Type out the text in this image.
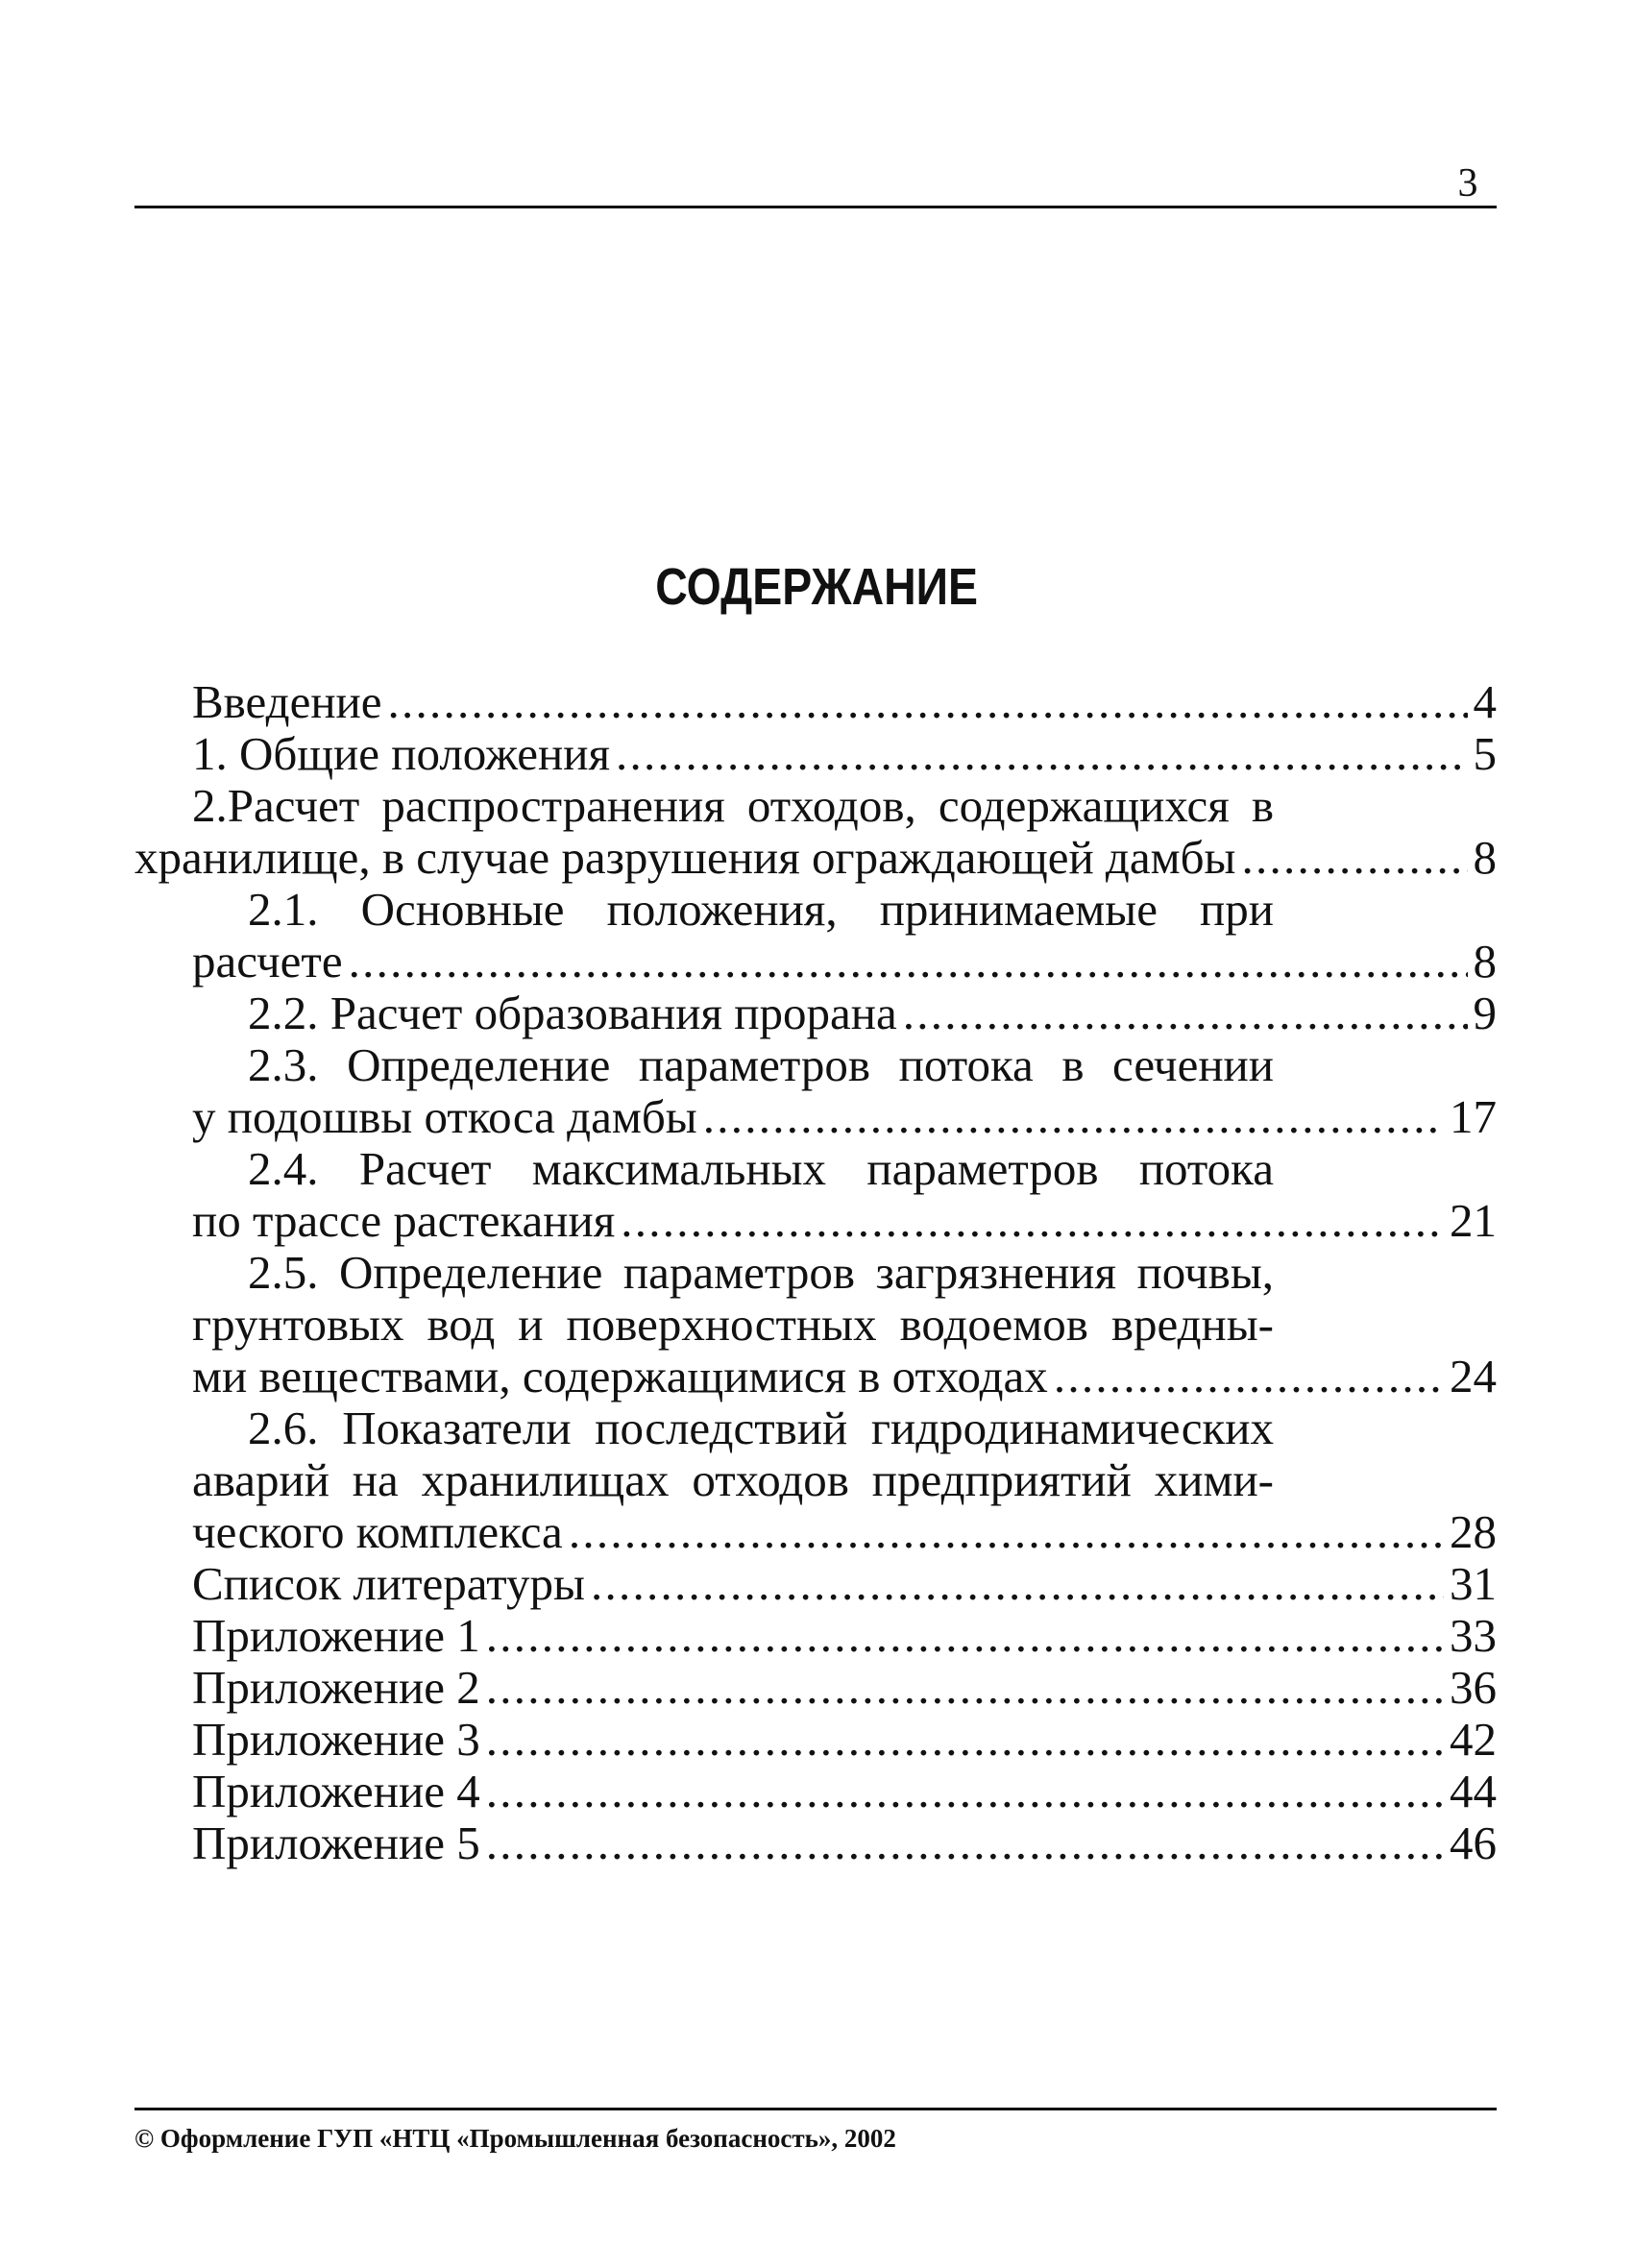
3
СОДЕРЖАНИЕ
Введение . . .	4
1. Общие положения . . .	5
2.Расчет распространения отходов, содержащихся в
хранилище, в случае разрушения ограждающей дамбы . . .	8
2.1. Основные положения, принимаемые при
расчете . . .	8
2.2. Расчет образования прорана . . .	9
2.3. Определение параметров потока в сечении
у подошвы откоса дамбы . . .	17
2.4. Расчет максимальных параметров потока
по трассе растекания . . .	21
2.5. Определение параметров загрязнения почвы,
грунтовых вод и поверхностных водоемов вредны-
ми веществами, содержащимися в отходах . . .	24
2.6. Показатели последствий гидродинамических
аварий на хранилищах отходов предприятий хими-
ческого комплекса . . .	28
Список литературы . . .	31
Приложение 1 . . .	33
Приложение 2 . . .	36
Приложение 3 . . .	42
Приложение 4 . . .	44
Приложение 5 . . .	46
© Оформление ГУП «НТЦ «Промышленная безопасность», 2002
